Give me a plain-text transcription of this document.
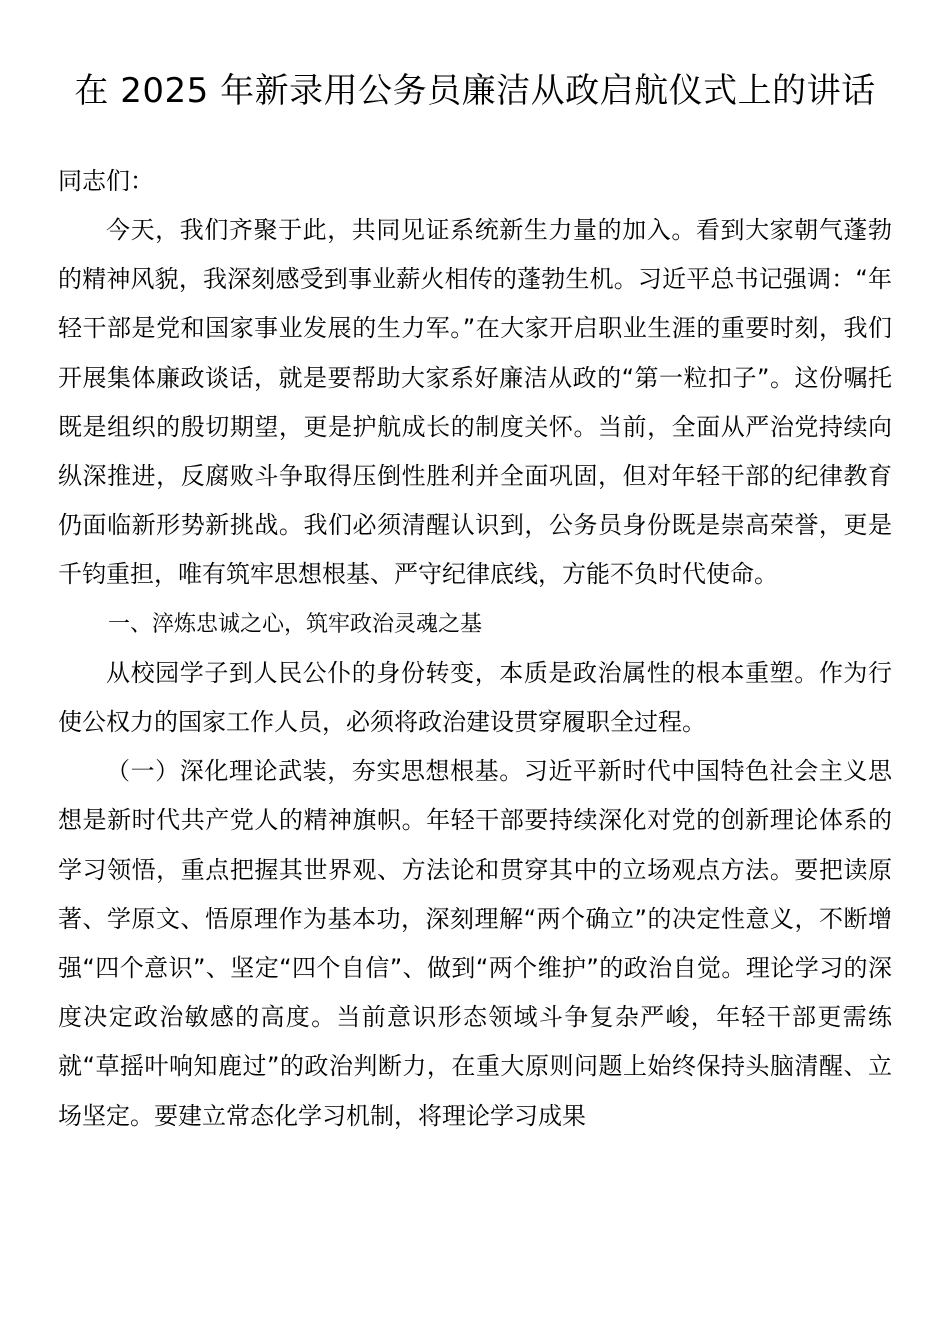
在 2025 年新录用公务员廉洁从政启航仪式上的讲话

同志们：

今天，我们齐聚于此，共同见证系统新生力量的加入。看到大家朝气蓬勃的精神风貌，我深刻感受到事业薪火相传的蓬勃生机。习近平总书记强调：“年轻干部是党和国家事业发展的生力军。”在大家开启职业生涯的重要时刻，我们开展集体廉政谈话，就是要帮助大家系好廉洁从政的“第一粒扣子”。这份嘱托既是组织的殷切期望，更是护航成长的制度关怀。当前，全面从严治党持续向纵深推进，反腐败斗争取得压倒性胜利并全面巩固，但对年轻干部的纪律教育仍面临新形势新挑战。我们必须清醒认识到，公务员身份既是崇高荣誉，更是千钧重担，唯有筑牢思想根基、严守纪律底线，方能不负时代使命。

一、淬炼忠诚之心，筑牢政治灵魂之基

从校园学子到人民公仆的身份转变，本质是政治属性的根本重塑。作为行使公权力的国家工作人员，必须将政治建设贯穿履职全过程。

（一）深化理论武装，夯实思想根基。习近平新时代中国特色社会主义思想是新时代共产党人的精神旗帜。年轻干部要持续深化对党的创新理论体系的学习领悟，重点把握其世界观、方法论和贯穿其中的立场观点方法。要把读原著、学原文、悟原理作为基本功，深刻理解“两个确立”的决定性意义，不断增强“四个意识”、坚定“四个自信”、做到“两个维护”的政治自觉。理论学习的深度决定政治敏感的高度。当前意识形态领域斗争复杂严峻，年轻干部更需练就“草摇叶响知鹿过”的政治判断力，在重大原则问题上始终保持头脑清醒、立场坚定。要建立常态化学习机制，将理论学习成果
